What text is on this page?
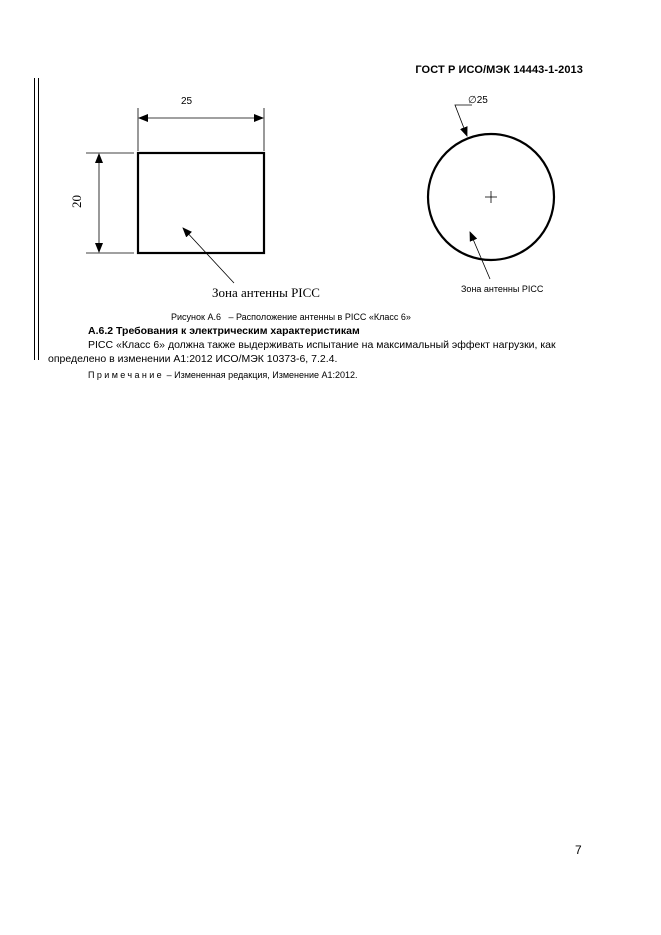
ГОСТ Р ИСО/МЭК 14443-1-2013
25
20
Зона антенны PICC
∅25
Зона антенны PICC
Рисунок А.6   – Расположение антенны в PICC «Класс 6»
А.6.2 Требования к электрическим характеристикам
PICC «Класс 6» должна также выдерживать испытание на максимальный эффект нагрузки, как
определено в изменении А1:2012 ИСО/МЭК 10373-6, 7.2.4.
Примечание – Измененная редакция, Изменение А1:2012.
7
